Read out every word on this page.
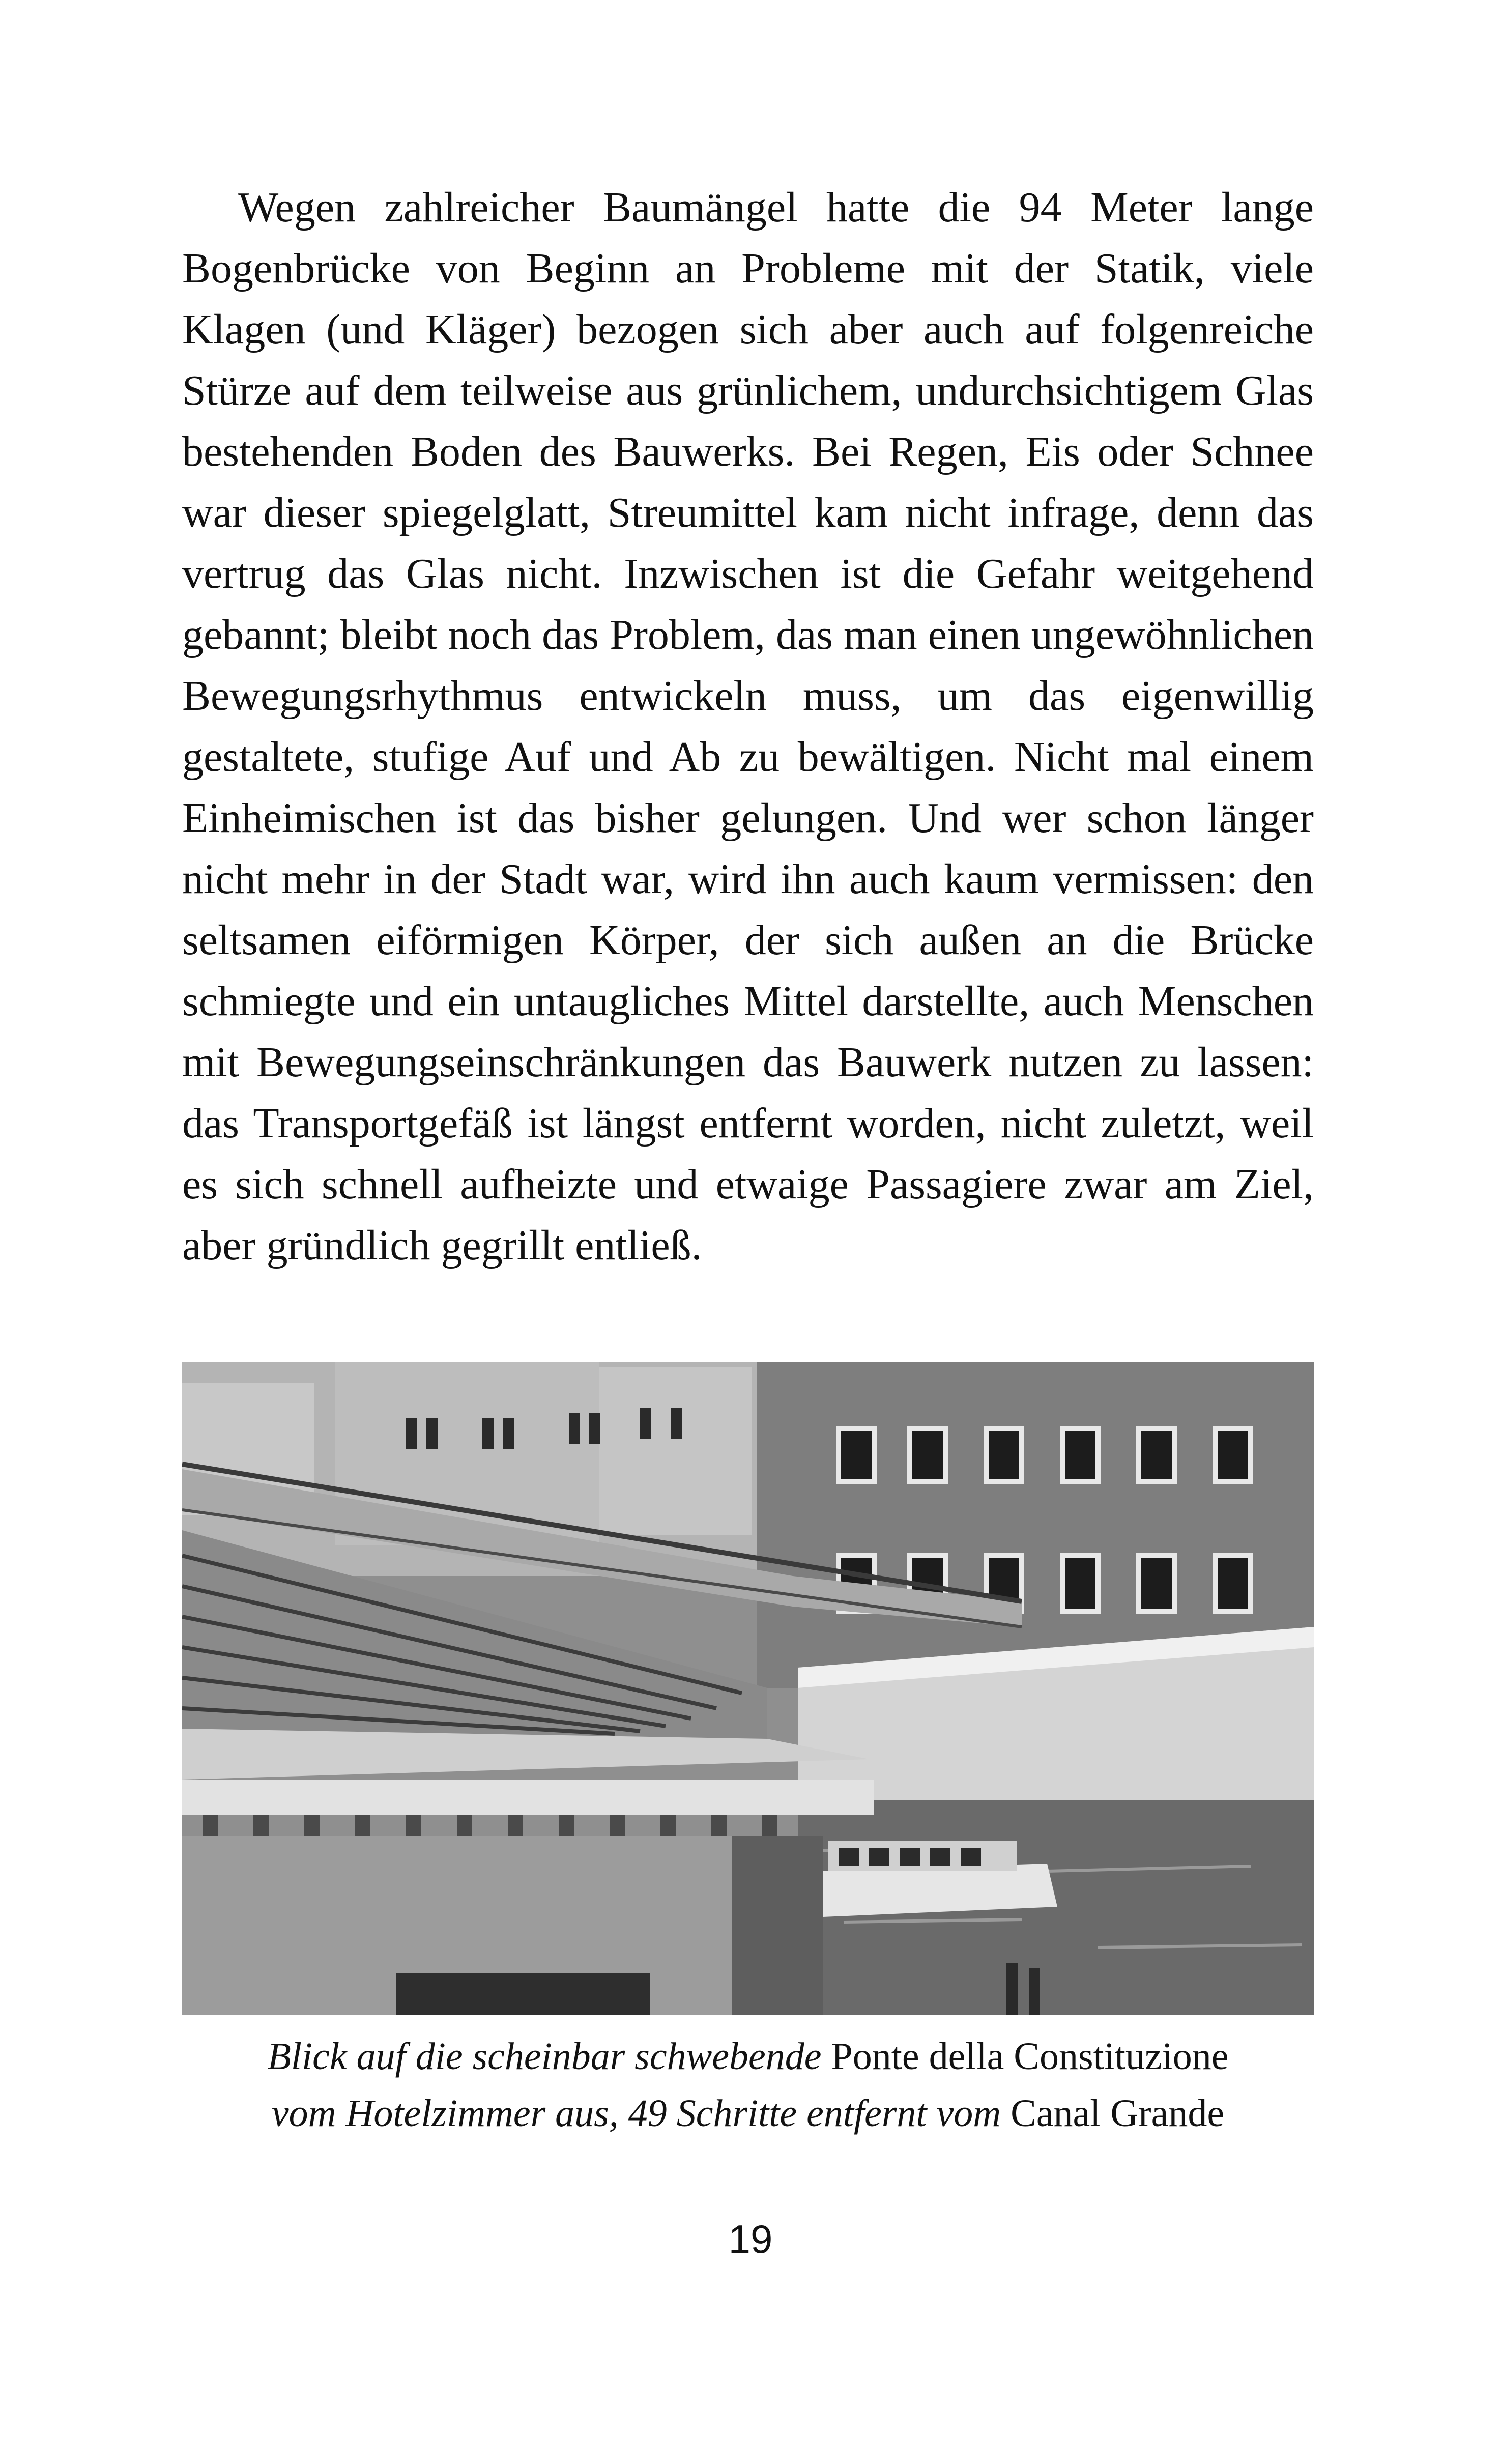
Wegen zahlreicher Baumängel hatte die 94 Meter lange Bogenbrücke von Beginn an Probleme mit der Statik, viele Klagen (und Kläger) bezogen sich aber auch auf folgenreiche Stürze auf dem teilweise aus grünlichem, undurchsichtigem Glas bestehenden Boden des Bauwerks. Bei Regen, Eis oder Schnee war dieser spiegelglatt, Streumittel kam nicht infrage, denn das vertrug das Glas nicht. Inzwischen ist die Gefahr weitgehend gebannt; bleibt noch das Problem, das man einen ungewöhnlichen Bewegungsrhythmus entwickeln muss, um das eigenwillig gestaltete, stufige Auf und Ab zu bewältigen. Nicht mal einem Einheimischen ist das bisher gelungen. Und wer schon länger nicht mehr in der Stadt war, wird ihn auch kaum vermissen: den seltsamen eiförmigen Körper, der sich außen an die Brücke schmiegte und ein untaugliches Mittel darstellte, auch Menschen mit Bewegungseinschränkungen das Bauwerk nutzen zu lassen: das Transportgefäß ist längst entfernt worden, nicht zuletzt, weil es sich schnell aufheizte und etwaige Passagiere zwar am Ziel, aber gründlich gegrillt entließ.

Blick auf die scheinbar schwebende Ponte della Constituzione
vom Hotelzimmer aus, 49 Schritte entfernt vom Canal Grande
19
